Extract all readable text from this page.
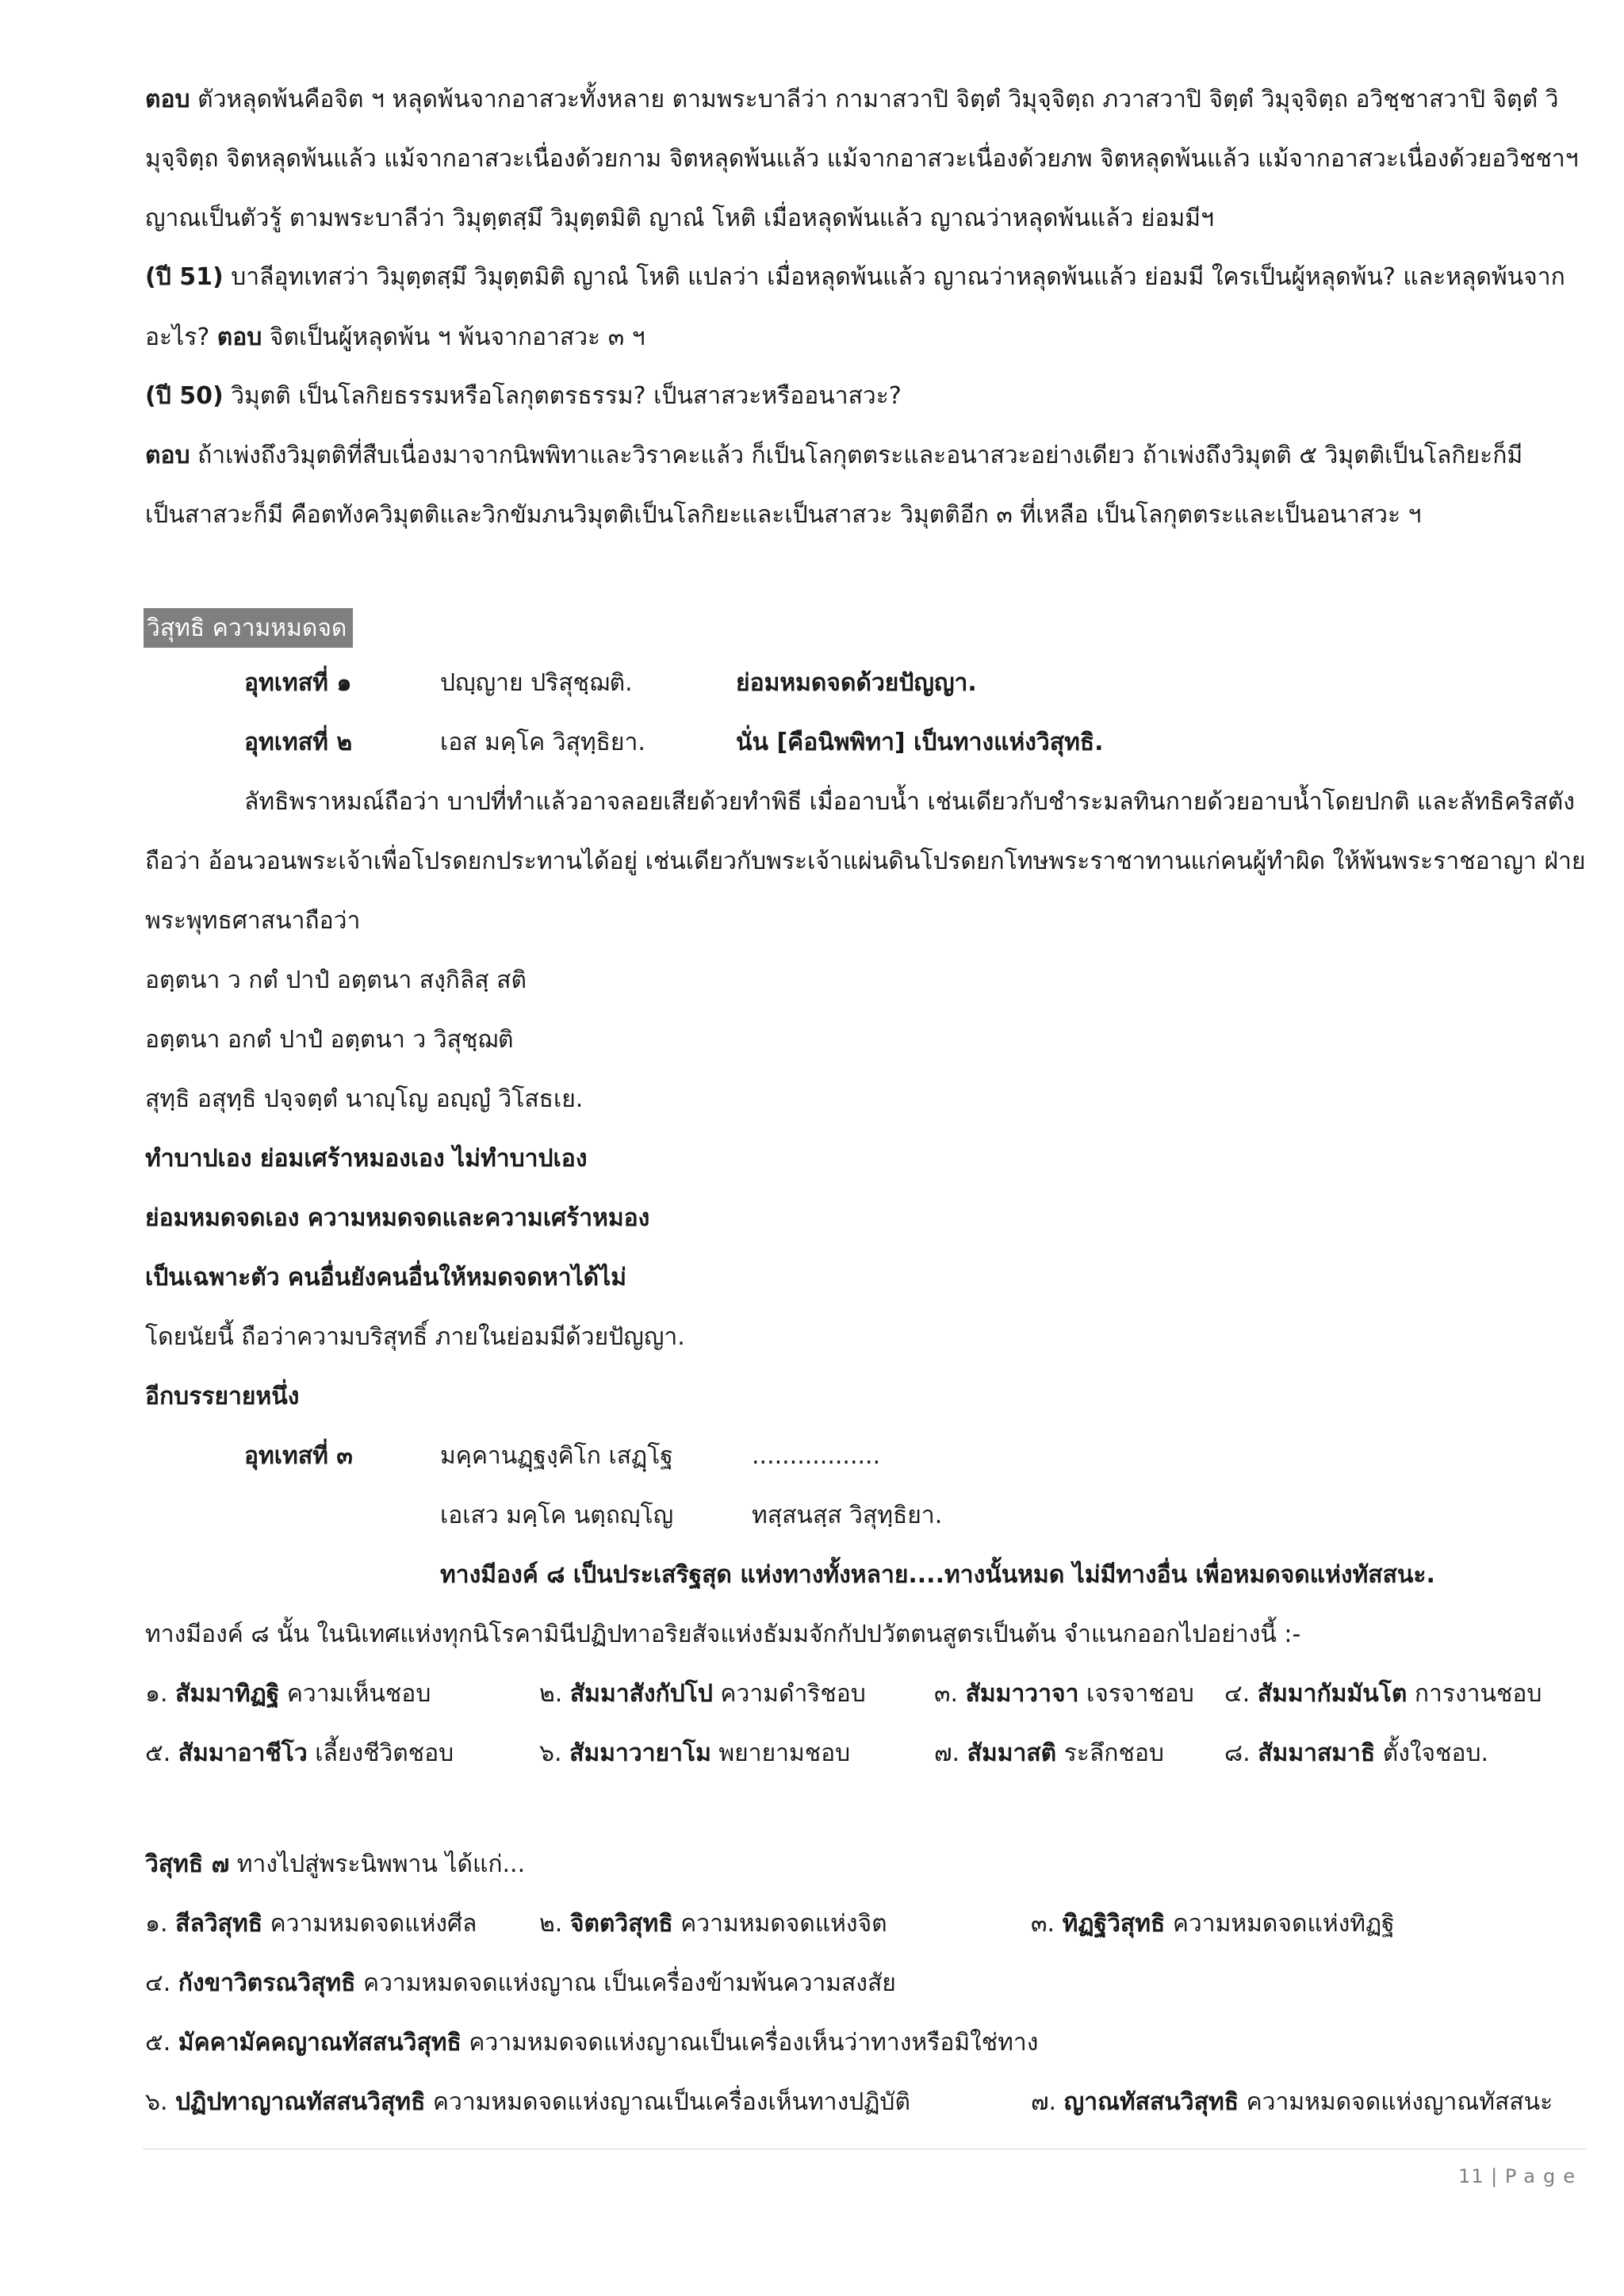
ตอบ ตัวหลุดพ้นคือจิต ฯ หลุดพ้นจากอาสวะทั้งหลาย ตามพระบาลีว่า กามาสวาปิ จิตฺตํ วิมุจฺจิตฺถ ภวาสวาปิ จิตฺตํ วิมุจฺจิตฺถ อวิชฺชาสวาปิ จิตฺตํ วิ
มุจฺจิตฺถ จิตหลุดพ้นแล้ว แม้จากอาสวะเนื่องด้วยกาม จิตหลุดพ้นแล้ว แม้จากอาสวะเนื่องด้วยภพ จิตหลุดพ้นแล้ว แม้จากอาสวะเนื่องด้วยอวิชชาฯ
ญาณเป็นตัวรู้ ตามพระบาลีว่า วิมุตฺตสฺมึ วิมุตฺตมิติ ญาณํ โหติ เมื่อหลุดพ้นแล้ว ญาณว่าหลุดพ้นแล้ว ย่อมมีฯ
(ปี 51) บาลีอุทเทสว่า วิมุตฺตสฺมึ วิมุตฺตมิติ ญาณํ โหติ แปลว่า เมื่อหลุดพ้นแล้ว ญาณว่าหลุดพ้นแล้ว ย่อมมี ใครเป็นผู้หลุดพ้น? และหลุดพ้นจาก
อะไร? ตอบ จิตเป็นผู้หลุดพ้น ฯ พ้นจากอาสวะ ๓ ฯ
(ปี 50) วิมุตติ เป็นโลกิยธรรมหรือโลกุตตรธรรม? เป็นสาสวะหรืออนาสวะ?
ตอบ ถ้าเพ่งถึงวิมุตติที่สืบเนื่องมาจากนิพพิทาและวิราคะแล้ว ก็เป็นโลกุตตระและอนาสวะอย่างเดียว ถ้าเพ่งถึงวิมุตติ ๕ วิมุตติเป็นโลกิยะก็มี
เป็นสาสวะก็มี คือตทังควิมุตติและวิกขัมภนวิมุตติเป็นโลกิยะและเป็นสาสวะ วิมุตติอีก ๓ ที่เหลือ เป็นโลกุตตระและเป็นอนาสวะ ฯ
วิสุทธิ ความหมดจด
อุทเทสที่ ๑	ปญฺญาย ปริสุชฺฌติ.	ย่อมหมดจดด้วยปัญญา.
อุทเทสที่ ๒	เอส มคฺโค วิสุทฺธิยา.	นั่น [คือนิพพิทา] เป็นทางแห่งวิสุทธิ.
ลัทธิพราหมณ์ถือว่า บาปที่ทำแล้วอาจลอยเสียด้วยทำพิธี เมื่ออาบน้ำ เช่นเดียวกับชำระมลทินกายด้วยอาบน้ำโดยปกติ และลัทธิคริสตัง
ถือว่า อ้อนวอนพระเจ้าเพื่อโปรดยกประทานได้อยู่ เช่นเดียวกับพระเจ้าแผ่นดินโปรดยกโทษพระราชาทานแก่คนผู้ทำผิด ให้พ้นพระราชอาญา ฝ่าย
พระพุทธศาสนาถือว่า
อตฺตนา ว กตํ ปาปํ อตฺตนา สงฺกิลิสฺ สติ
อตฺตนา อกตํ ปาปํ อตฺตนา ว วิสุชฺฌติ
สุทฺธิ อสุทฺธิ ปจฺจตฺตํ นาญฺโญ อญฺญํ วิโสธเย.
ทำบาปเอง ย่อมเศร้าหมองเอง ไม่ทำบาปเอง
ย่อมหมดจดเอง ความหมดจดและความเศร้าหมอง
เป็นเฉพาะตัว คนอื่นยังคนอื่นให้หมดจดหาได้ไม่
โดยนัยนี้ ถือว่าความบริสุทธิ์ ภายในย่อมมีด้วยปัญญา.
อีกบรรยายหนึ่ง
อุทเทสที่ ๓	มคฺคานฏฺฐงฺคิโก เสฏฺโฐ	.................
เอเสว มคฺโค นตฺถญฺโญ	ทสฺสนสฺส วิสุทฺธิยา.
ทางมีองค์ ๘ เป็นประเสริฐสุด แห่งทางทั้งหลาย....ทางนั้นหมด ไม่มีทางอื่น เพื่อหมดจดแห่งทัสสนะ.
ทางมีองค์ ๘ นั้น ในนิเทศแห่งทุกนิโรคามินีปฏิปทาอริยสัจแห่งธัมมจักกัปปวัตตนสูตรเป็นต้น จำแนกออกไปอย่างนี้ :-
๑. สัมมาทิฏฐิ ความเห็นชอบ	๒. สัมมาสังกัปโป ความดำริชอบ	๓. สัมมาวาจา เจรจาชอบ ๔. สัมมากัมมันโต การงานชอบ
๕. สัมมาอาชีโว เลี้ยงชีวิตชอบ	๖. สัมมาวายาโม พยายามชอบ	๗. สัมมาสติ ระลึกชอบ	๘. สัมมาสมาธิ ตั้งใจชอบ.
วิสุทธิ ๗ ทางไปสู่พระนิพพาน ได้แก่...
๑. สีลวิสุทธิ ความหมดจดแห่งศีล	๒. จิตตวิสุทธิ ความหมดจดแห่งจิต	๓. ทิฏฐิวิสุทธิ ความหมดจดแห่งทิฏฐิ
๔. กังขาวิตรณวิสุทธิ ความหมดจดแห่งญาณ เป็นเครื่องข้ามพ้นความสงสัย
๕. มัคคามัคคญาณทัสสนวิสุทธิ ความหมดจดแห่งญาณเป็นเครื่องเห็นว่าทางหรือมิใช่ทาง
๖. ปฏิปทาญาณทัสสนวิสุทธิ ความหมดจดแห่งญาณเป็นเครื่องเห็นทางปฏิบัติ	๗. ญาณทัสสนวิสุทธิ ความหมดจดแห่งญาณทัสสนะ
11 | Page
